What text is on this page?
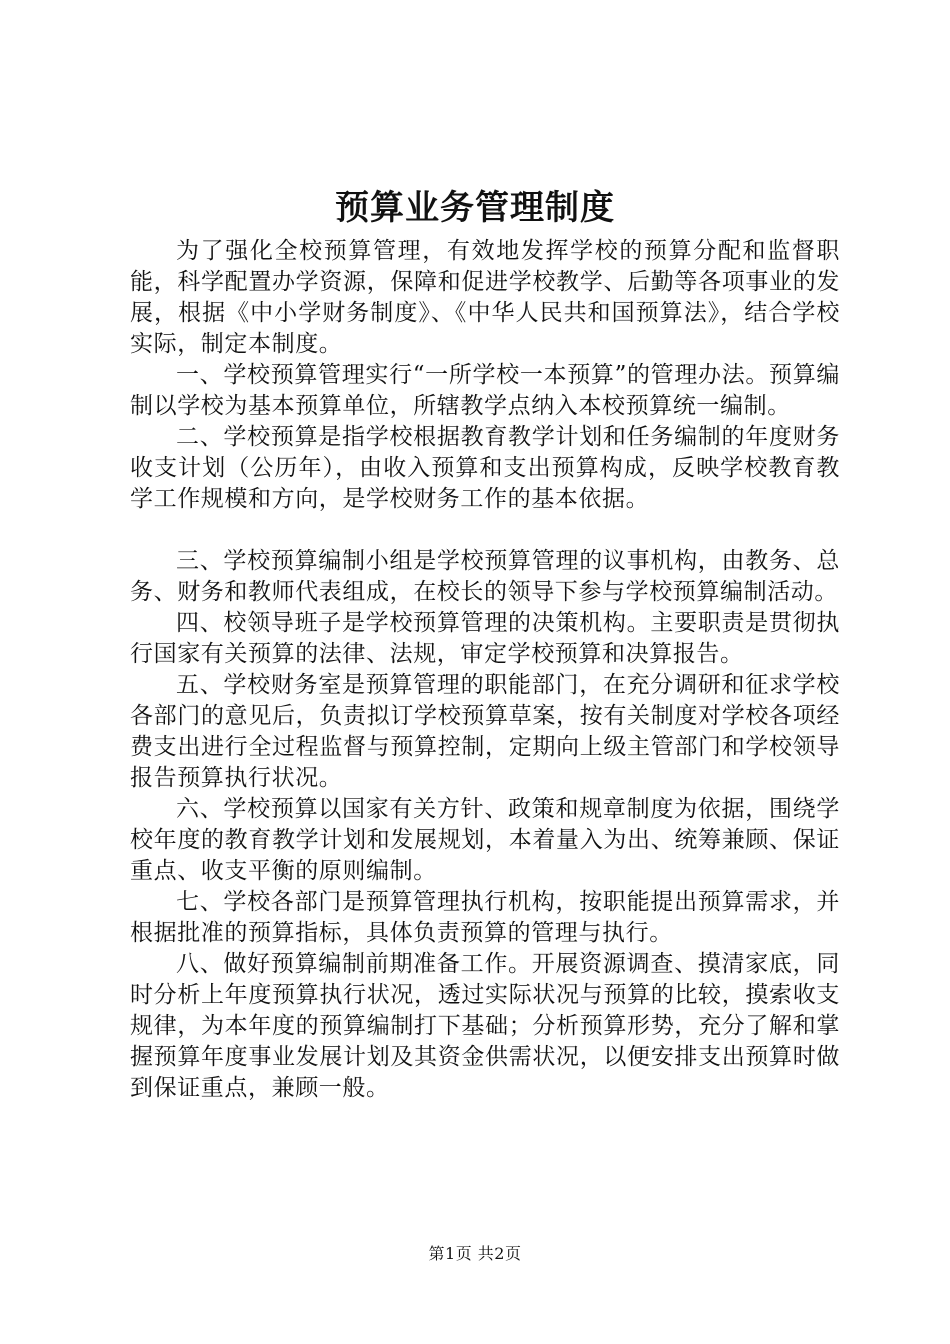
预算业务管理制度

为了强化全校预算管理，有效地发挥学校的预算分配和监督职能，科学配置办学资源，保障和促进学校教学、后勤等各项事业的发展，根据《中小学财务制度》、《中华人民共和国预算法》，结合学校实际，制定本制度。

一、学校预算管理实行“一所学校一本预算”的管理办法。预算编制以学校为基本预算单位，所辖教学点纳入本校预算统一编制。

二、学校预算是指学校根据教育教学计划和任务编制的年度财务收支计划（公历年），由收入预算和支出预算构成，反映学校教育教学工作规模和方向，是学校财务工作的基本依据。

三、学校预算编制小组是学校预算管理的议事机构，由教务、总务、财务和教师代表组成，在校长的领导下参与学校预算编制活动。

四、校领导班子是学校预算管理的决策机构。主要职责是贯彻执行国家有关预算的法律、法规，审定学校预算和决算报告。

五、学校财务室是预算管理的职能部门，在充分调研和征求学校各部门的意见后，负责拟订学校预算草案，按有关制度对学校各项经费支出进行全过程监督与预算控制，定期向上级主管部门和学校领导报告预算执行状况。

六、学校预算以国家有关方针、政策和规章制度为依据，围绕学校年度的教育教学计划和发展规划，本着量入为出、统筹兼顾、保证重点、收支平衡的原则编制。

七、学校各部门是预算管理执行机构，按职能提出预算需求，并根据批准的预算指标，具体负责预算的管理与执行。

八、做好预算编制前期准备工作。开展资源调查、摸清家底，同时分析上年度预算执行状况，透过实际状况与预算的比较，摸索收支规律，为本年度的预算编制打下基础；分析预算形势，充分了解和掌握预算年度事业发展计划及其资金供需状况，以便安排支出预算时做到保证重点，兼顾一般。

第1页 共2页
